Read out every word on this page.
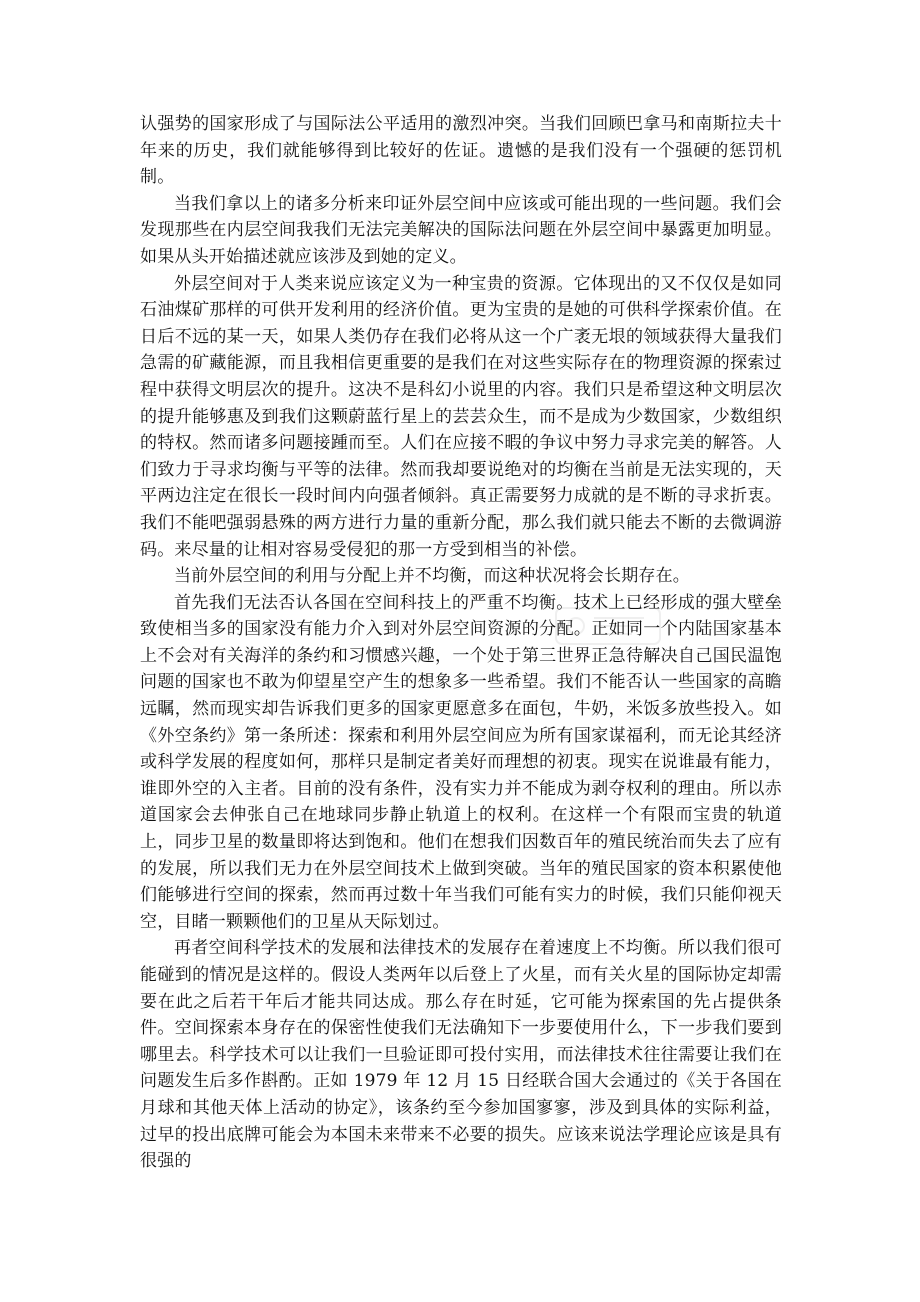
认强势的国家形成了与国际法公平适用的激烈冲突。当我们回顾巴拿马和南斯拉夫十年来的历史，我们就能够得到比较好的佐证。遗憾的是我们没有一个强硬的惩罚机制。

当我们拿以上的诸多分析来印证外层空间中应该或可能出现的一些问题。我们会发现那些在内层空间我我们无法完美解决的国际法问题在外层空间中暴露更加明显。如果从头开始描述就应该涉及到她的定义。

外层空间对于人类来说应该定义为一种宝贵的资源。它体现出的又不仅仅是如同石油煤矿那样的可供开发利用的经济价值。更为宝贵的是她的可供科学探索价值。在日后不远的某一天，如果人类仍存在我们必将从这一个广袤无垠的领域获得大量我们急需的矿藏能源，而且我相信更重要的是我们在对这些实际存在的物理资源的探索过程中获得文明层次的提升。这决不是科幻小说里的内容。我们只是希望这种文明层次的提升能够惠及到我们这颗蔚蓝行星上的芸芸众生，而不是成为少数国家，少数组织的特权。然而诸多问题接踵而至。人们在应接不暇的争议中努力寻求完美的解答。人们致力于寻求均衡与平等的法律。然而我却要说绝对的均衡在当前是无法实现的，天平两边注定在很长一段时间内向强者倾斜。真正需要努力成就的是不断的寻求折衷。我们不能吧强弱悬殊的两方进行力量的重新分配，那么我们就只能去不断的去微调游码。来尽量的让相对容易受侵犯的那一方受到相当的补偿。

当前外层空间的利用与分配上并不均衡，而这种状况将会长期存在。

首先我们无法否认各国在空间科技上的严重不均衡。技术上已经形成的强大壁垒致使相当多的国家没有能力介入到对外层空间资源的分配。正如同一个内陆国家基本上不会对有关海洋的条约和习惯感兴趣，一个处于第三世界正急待解决自己国民温饱问题的国家也不敢为仰望星空产生的想象多一些希望。我们不能否认一些国家的高瞻远瞩，然而现实却告诉我们更多的国家更愿意多在面包，牛奶，米饭多放些投入。如《外空条约》第一条所述：探索和利用外层空间应为所有国家谋福利，而无论其经济或科学发展的程度如何，那样只是制定者美好而理想的初衷。现实在说谁最有能力，谁即外空的入主者。目前的没有条件，没有实力并不能成为剥夺权利的理由。所以赤道国家会去伸张自己在地球同步静止轨道上的权利。在这样一个有限而宝贵的轨道上，同步卫星的数量即将达到饱和。他们在想我们因数百年的殖民统治而失去了应有的发展，所以我们无力在外层空间技术上做到突破。当年的殖民国家的资本积累使他们能够进行空间的探索，然而再过数十年当我们可能有实力的时候，我们只能仰视天空，目睹一颗颗他们的卫星从天际划过。

再者空间科学技术的发展和法律技术的发展存在着速度上不均衡。所以我们很可能碰到的情况是这样的。假设人类两年以后登上了火星，而有关火星的国际协定却需要在此之后若干年后才能共同达成。那么存在时延，它可能为探索国的先占提供条件。空间探索本身存在的保密性使我们无法确知下一步要使用什么，下一步我们要到哪里去。科学技术可以让我们一旦验证即可投付实用，而法律技术往往需要让我们在问题发生后多作斟酌。正如 1979 年 12 月 15 日经联合国大会通过的《关于各国在月球和其他天体上活动的协定》，该条约至今参加国寥寥，涉及到具体的实际利益，过早的投出底牌可能会为本国未来带来不必要的损失。应该来说法学理论应该是具有很强的
